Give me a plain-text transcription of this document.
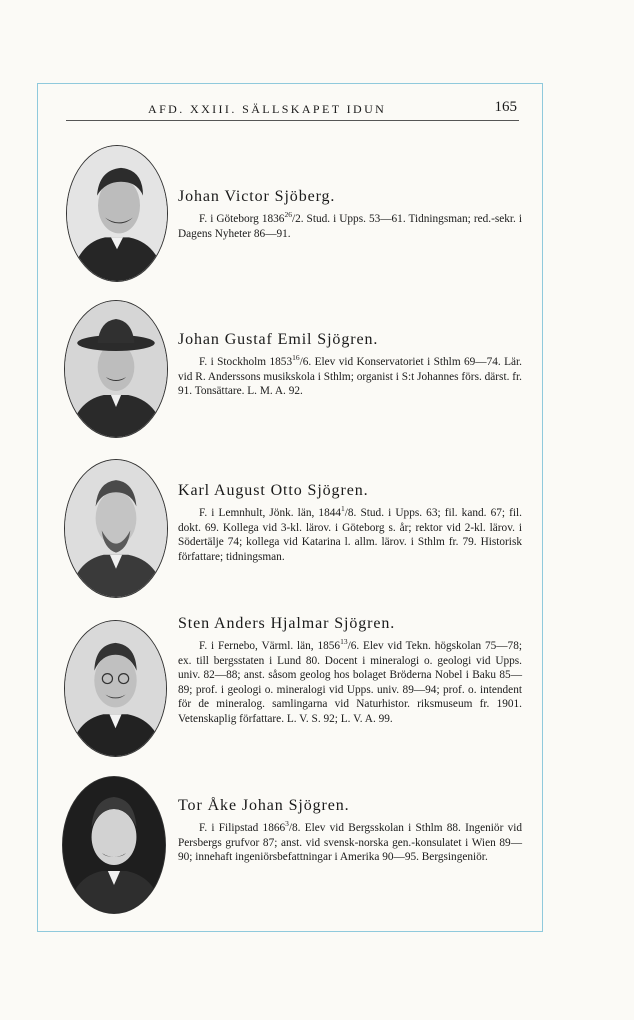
AFD. XXIII. SÄLLSKAPET IDUN	165
Johan Victor Sjöberg.

F. i Göteborg 1836$^{26}$/2. Stud. i Upps. 53—61. Tidningsman; red.-sekr. i Dagens Nyheter 86—91.

Johan Gustaf Emil Sjögren.

F. i Stockholm 1853$^{16}$/6. Elev vid Konservatoriet i Sthlm 69—74. Lär. vid R. Anderssons musikskola i Sthlm; organist i S:t Johannes förs. därst. fr. 91. Tonsättare. L. M. A. 92.

Karl August Otto Sjögren.

F. i Lemnhult, Jönk. län, 1844$^1$/8. Stud. i Upps. 63; fil. kand. 67; fil. dokt. 69. Kollega vid 3-kl. lärov. i Göteborg s. år; rektor vid 2-kl. lärov. i Södertälje 74; kollega vid Katarina l. allm. lärov. i Sthlm fr. 79. Historisk författare; tidningsman.

Sten Anders Hjalmar Sjögren.

F. i Fernebo, Värml. län, 1856$^{13}$/6. Elev vid Tekn. högskolan 75—78; ex. till bergsstaten i Lund 80. Docent i mineralogi o. geologi vid Upps. univ. 82—88; anst. såsom geolog hos bolaget Bröderna Nobel i Baku 85—89; prof. i geologi o. mineralogi vid Upps. univ. 89—94; prof. o. intendent för de mineralog. samlingarna vid Naturhistor. riksmuseum fr. 1901. Vetenskaplig författare. L. V. S. 92; L. V. A. 99.

Tor Åke Johan Sjögren.

F. i Filipstad 1866$^3$/8. Elev vid Bergsskolan i Sthlm 88. Ingeniör vid Persbergs grufvor 87; anst. vid svensk-norska gen.-konsulatet i Wien 89—90; innehaft ingeniörsbefattningar i Amerika 90—95. Bergsingeniör.
